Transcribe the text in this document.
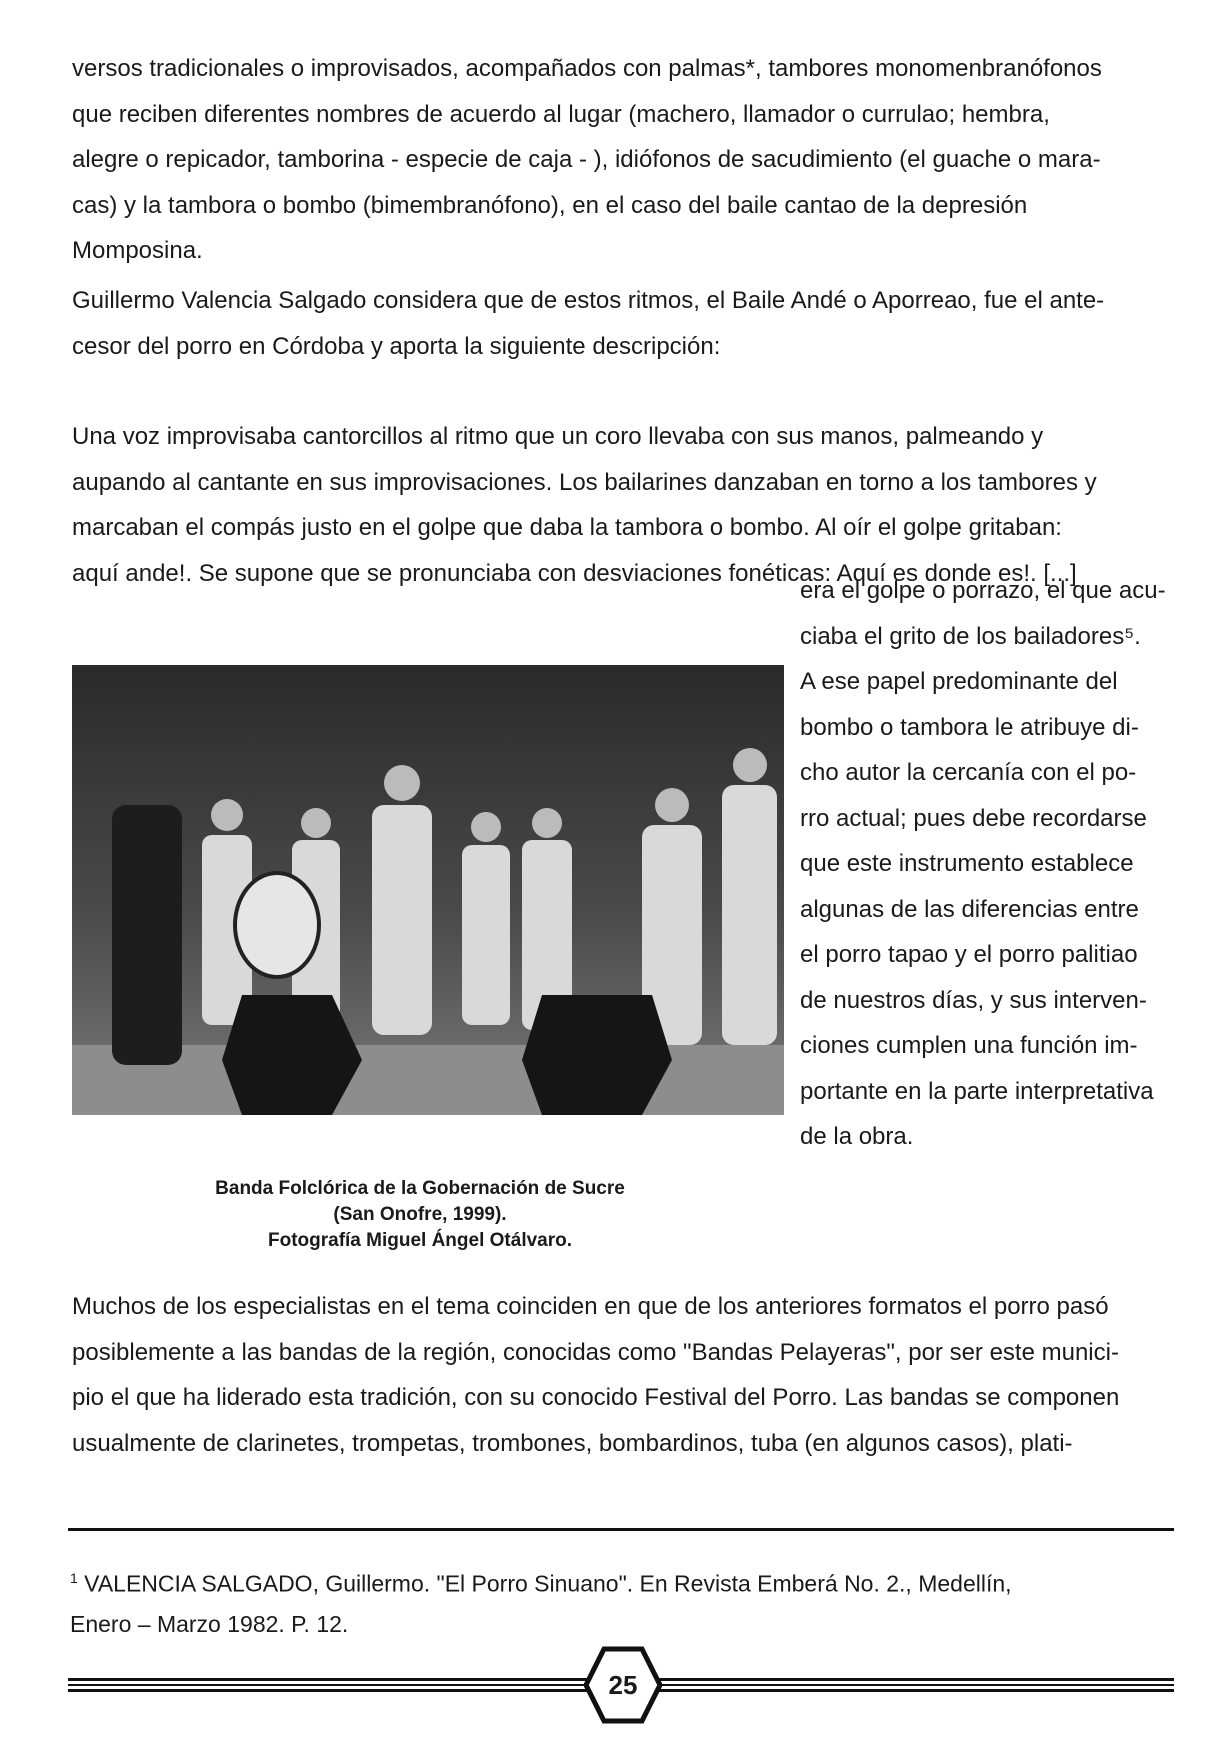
versos tradicionales o improvisados, acompañados con palmas*, tambores monomenbranófonos
que reciben diferentes nombres de acuerdo al lugar (machero, llamador o currulao; hembra,
alegre o repicador, tamborina - especie de caja - ), idiófonos de sacudimiento (el guache o mara-
cas) y la tambora o bombo (bimembranófono), en el caso del baile cantao de la depresión
Momposina.

Guillermo Valencia Salgado considera que de estos ritmos, el Baile Andé o Aporreao, fue el ante-
cesor del porro en Córdoba y aporta la siguiente descripción:

Una voz improvisaba cantorcillos al ritmo que un coro llevaba con sus manos, palmeando y
aupando al cantante en sus improvisaciones. Los bailarines danzaban en torno a los tambores y
marcaban el compás justo en el golpe que daba la tambora o bombo. Al oír el golpe gritaban:
aquí ande!. Se supone que se pronunciaba con desviaciones fonéticas: Aquí es donde es!. [...]

era el golpe o porrazo, el que acu-
ciaba el grito de los bailadores⁵.
A ese papel predominante del
bombo o tambora le atribuye di-
cho autor la cercanía con el po-
rro actual; pues debe recordarse
que este instrumento establece
algunas de las diferencias entre
el porro tapao y el porro palitiao
de nuestros días, y sus interven-
ciones cumplen una función im-
portante en la parte interpretativa
de la obra.
Banda Folclórica de la Gobernación de Sucre
(San Onofre, 1999).
Fotografía Miguel Ángel Otálvaro.

Muchos de los especialistas en el tema coinciden en que de los anteriores formatos el porro pasó
posiblemente a las bandas de la región, conocidas como "Bandas Pelayeras", por ser este munici-
pio el que ha liderado esta tradición, con su conocido Festival del Porro. Las bandas se componen
usualmente de clarinetes, trompetas, trombones, bombardinos, tuba (en algunos casos), plati-

$^1$ VALENCIA SALGADO, Guillermo. "El Porro Sinuano". En Revista Emberá No. 2., Medellín,
Enero – Marzo 1982. P. 12.
25
